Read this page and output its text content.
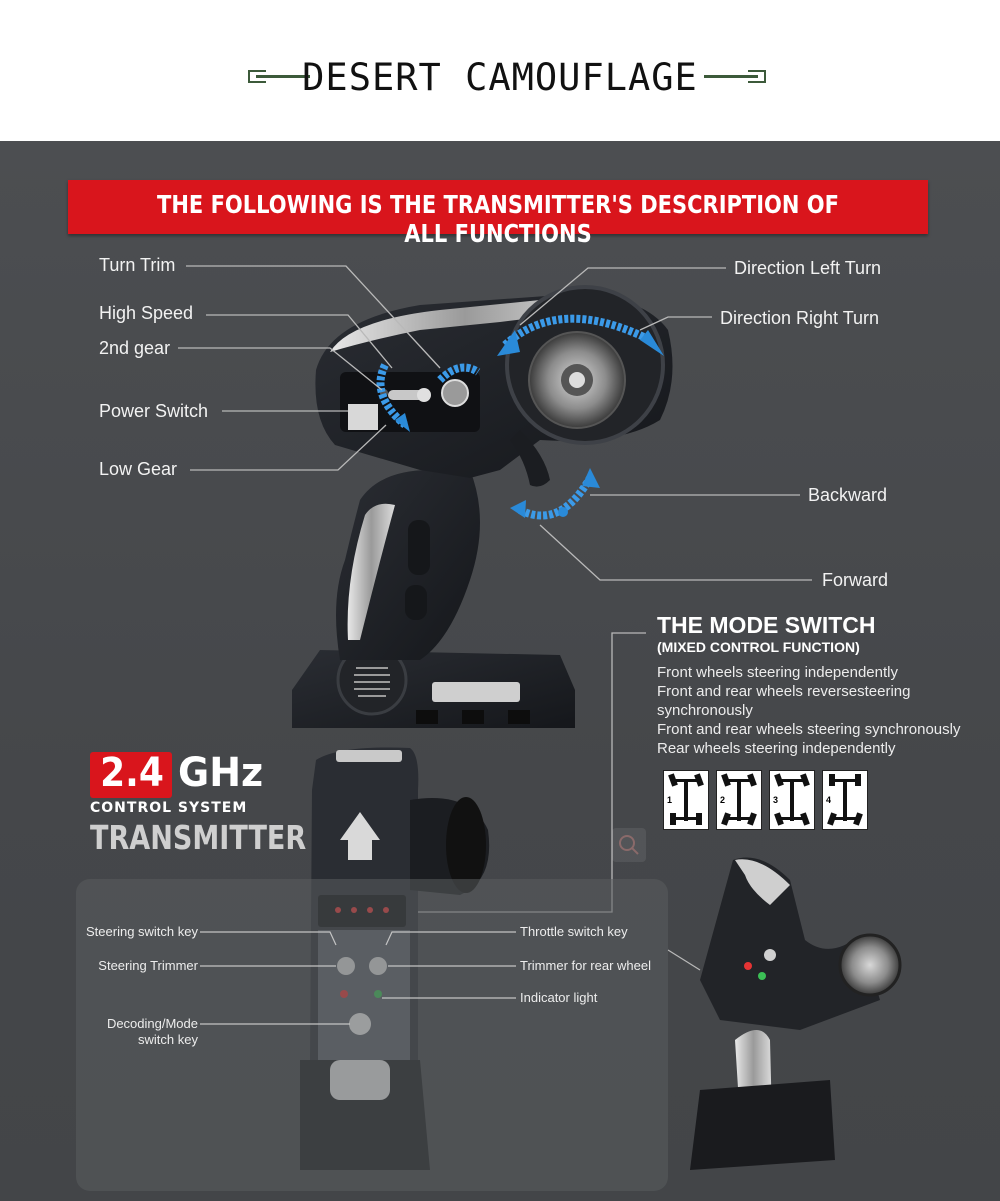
DESERT CAMOUFLAGE
THE FOLLOWING IS THE TRANSMITTER'S DESCRIPTION OF ALL FUNCTIONS
Turn Trim
High Speed
2nd gear
Power Switch
Low Gear
Direction Left Turn
Direction Right Turn
Backward
Forward
THE MODE SWITCH
(MIXED CONTROL FUNCTION)
Front wheels steering independently
Front and rear wheels reversesteering
synchronously
Front and rear wheels steering synchronously
Rear wheels steering independently
1	2	3	4
2.4 GHz
CONTROL SYSTEM
TRANSMITTER
Steering switch key
Steering Trimmer
Decoding/Mode
switch key
Throttle switch key
Trimmer for rear wheel
Indicator light
